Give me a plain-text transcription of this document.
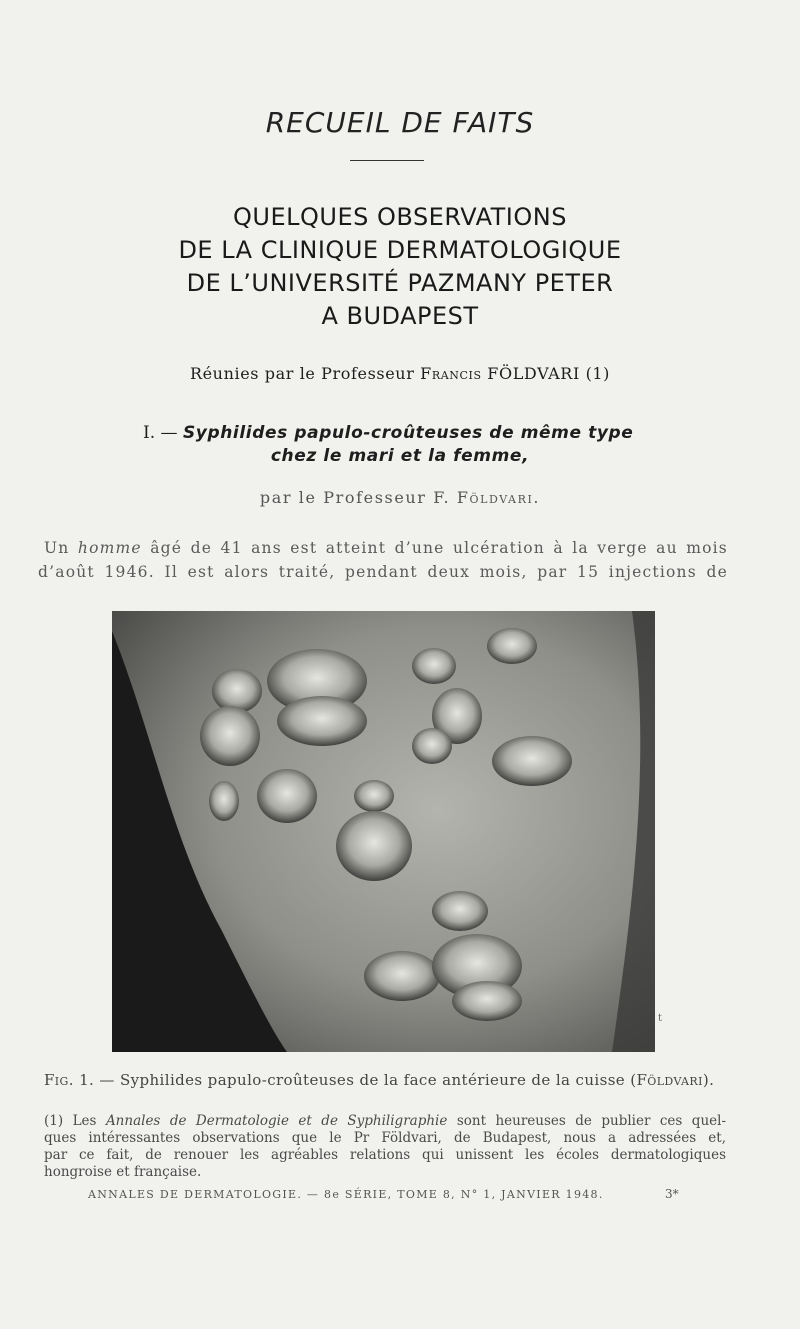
RECUEIL DE FAITS
QUELQUES OBSERVATIONS
DE LA CLINIQUE DERMATOLOGIQUE
DE L’UNIVERSITÉ PAZMANY PETER
A BUDAPEST
Réunies par le Professeur Francis FÖLDVARI (1)
I. — Syphilides papulo-croûteuses de même type
chez le mari et la femme,
par le Professeur F. Földvari.
Un homme âgé de 41 ans est atteint d’une ulcération à la verge au mois
d’août 1946. Il est alors traité, pendant deux mois, par 15 injections de
t
Fig. 1. — Syphilides papulo-croûteuses de la face antérieure de la cuisse (Földvari).
(1) Les Annales de Dermatologie et de Syphiligraphie sont heureuses de publier ces quel-
ques intéressantes observations que le Pr Földvari, de Budapest, nous a adressées et,
par ce fait, de renouer les agréables relations qui unissent les écoles dermatologiques
hongroise et française.
ANNALES DE DERMATOLOGIE. — 8e SÉRIE, TOME 8, N° 1, JANVIER 1948.	3*
